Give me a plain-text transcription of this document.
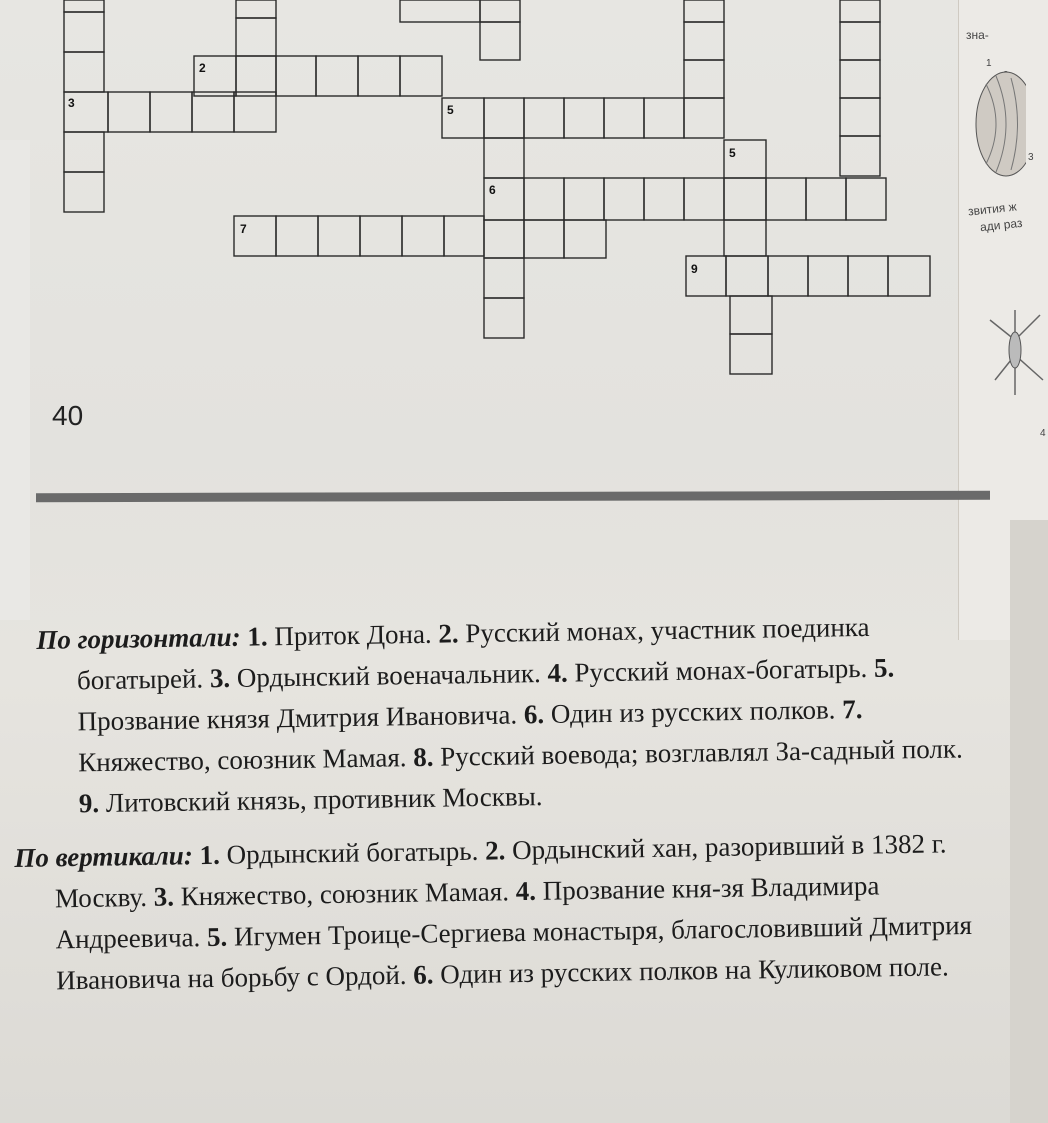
зна-
1
3
звития ж
ади раз
4
2
3	5
5
6
7
9
40

По горизонтали: 1. Приток Дона. 2. Русский монах, участник поединка богатырей. 3. Ордынский военачальник. 4. Русский монах-богатырь. 5. Прозвание князя Дмитрия Ивановича. 6. Один из русских полков. 7. Княжество, союзник Мамая. 8. Русский воевода; возглавлял За-садный полк. 9. Литовский князь, противник Москвы.

По вертикали: 1. Ордынский богатырь. 2. Ордынский хан, разоривший в 1382 г. Москву. 3. Княжество, союзник Мамая. 4. Прозвание кня-зя Владимира Андреевича. 5. Игумен Троице-Сергиева монастыря, благословивший Дмитрия Ивановича на борьбу с Ордой. 6. Один из русских полков на Куликовом поле.
